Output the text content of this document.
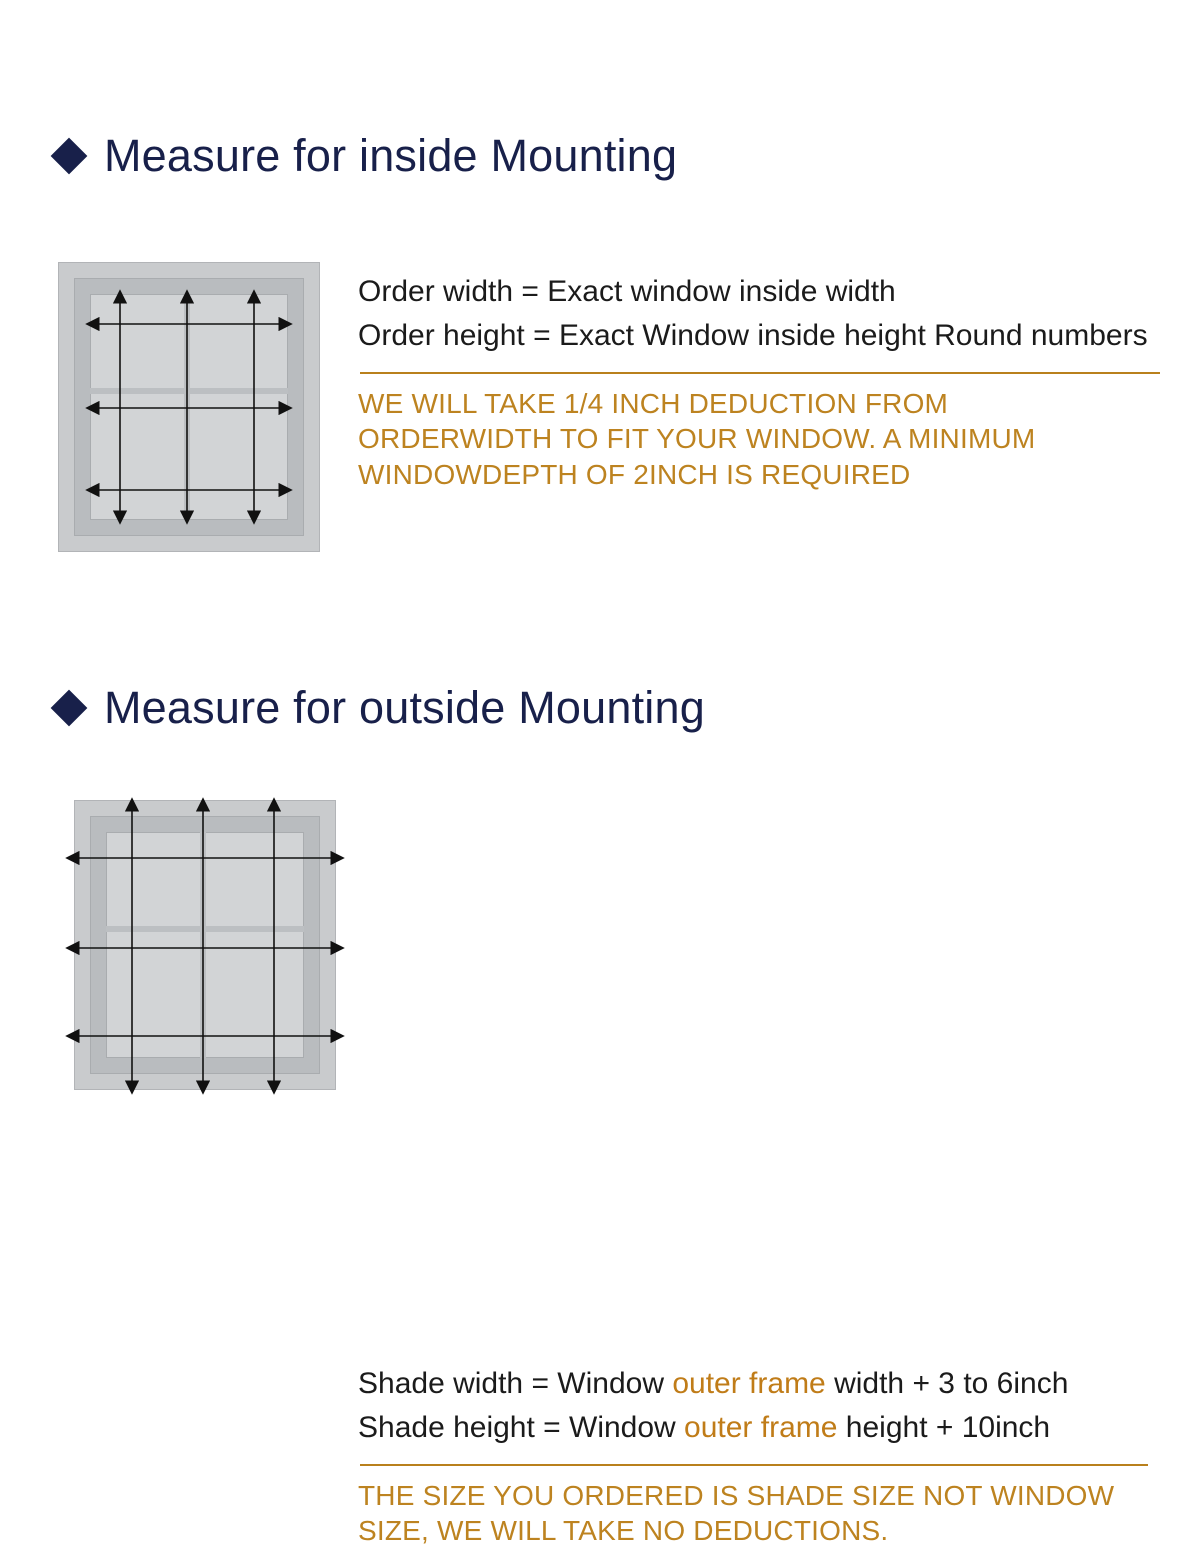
Measure for inside Mounting
Order width = Exact window inside width
Order height = Exact Window inside height Round numbers
WE WILL TAKE 1/4 INCH DEDUCTION FROM
ORDERWIDTH TO FIT YOUR WINDOW. A MINIMUM
WINDOWDEPTH OF 2INCH IS REQUIRED
Measure for outside Mounting
Shade width = Window outer frame width + 3 to 6inch
Shade height = Window outer frame height + 10inch
THE SIZE YOU ORDERED IS SHADE SIZE NOT WINDOW
SIZE, WE WILL TAKE NO DEDUCTIONS.
